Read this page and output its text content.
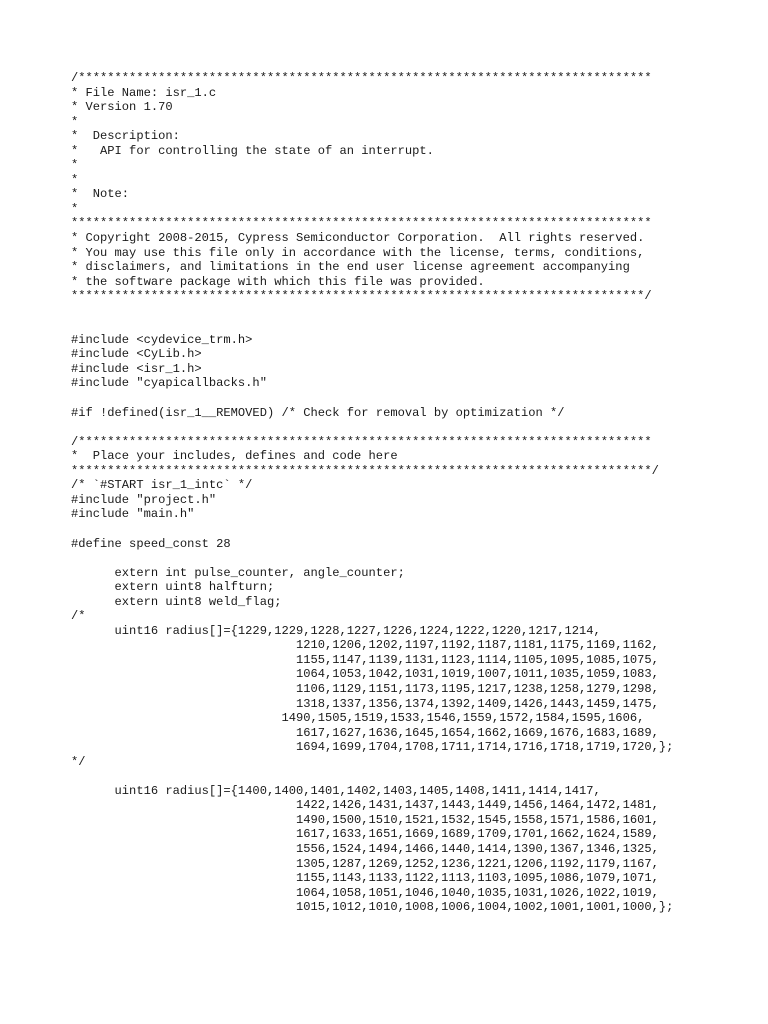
/*******************************************************************************
* File Name: isr_1.c
* Version 1.70
*
*  Description:
*   API for controlling the state of an interrupt.
*
*
*  Note:
*
********************************************************************************
* Copyright 2008-2015, Cypress Semiconductor Corporation.  All rights reserved.
* You may use this file only in accordance with the license, terms, conditions,
* disclaimers, and limitations in the end user license agreement accompanying
* the software package with which this file was provided.
*******************************************************************************/
#include <cydevice_trm.h>
#include <CyLib.h>
#include <isr_1.h>
#include "cyapicallbacks.h"
#if !defined(isr_1__REMOVED) /* Check for removal by optimization */
/*******************************************************************************
*  Place your includes, defines and code here
********************************************************************************/
/* `#START isr_1_intc` */
#include "project.h"
#include "main.h"
#define speed_const 28
extern int pulse_counter, angle_counter;
extern uint8 halfturn;
extern uint8 weld_flag;
/*
uint16 radius[]={1229,1229,1228,1227,1226,1224,1222,1220,1217,1214,
1210,1206,1202,1197,1192,1187,1181,1175,1169,1162,
1155,1147,1139,1131,1123,1114,1105,1095,1085,1075,
1064,1053,1042,1031,1019,1007,1011,1035,1059,1083,
1106,1129,1151,1173,1195,1217,1238,1258,1279,1298,
1318,1337,1356,1374,1392,1409,1426,1443,1459,1475,
1490,1505,1519,1533,1546,1559,1572,1584,1595,1606,
1617,1627,1636,1645,1654,1662,1669,1676,1683,1689,
1694,1699,1704,1708,1711,1714,1716,1718,1719,1720,};
*/
uint16 radius[]={1400,1400,1401,1402,1403,1405,1408,1411,1414,1417,
1422,1426,1431,1437,1443,1449,1456,1464,1472,1481,
1490,1500,1510,1521,1532,1545,1558,1571,1586,1601,
1617,1633,1651,1669,1689,1709,1701,1662,1624,1589,
1556,1524,1494,1466,1440,1414,1390,1367,1346,1325,
1305,1287,1269,1252,1236,1221,1206,1192,1179,1167,
1155,1143,1133,1122,1113,1103,1095,1086,1079,1071,
1064,1058,1051,1046,1040,1035,1031,1026,1022,1019,
1015,1012,1010,1008,1006,1004,1002,1001,1001,1000,};
